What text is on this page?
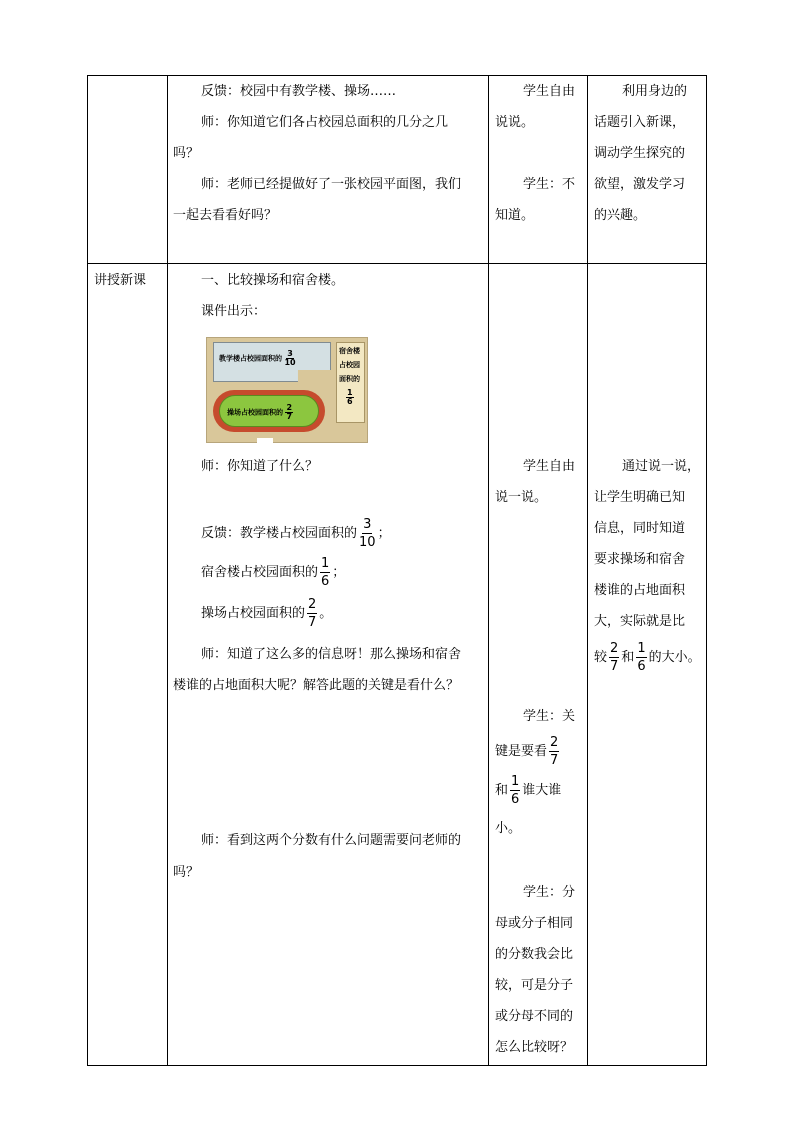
反馈：校园中有教学楼、操场……
师：你知道它们各占校园总面积的几分之几
吗？
师：老师已经提做好了一张校园平面图，我们
一起去看看好吗？
学生自由
说说。
学生：不
知道。
利用身边的
话题引入新课，
调动学生探究的
欲望，激发学习
的兴趣。
讲授新课	一、比较操场和宿舍楼。
课件出示：
教学楼占校园面积的 $\frac{3}{10}$	宿舍楼
占校园
面积的
$\frac{1}{6}$
操场占校园面积的 $\frac{2}{7}$
师：你知道了什么？
反馈：教学楼占校园面积的 $\frac{3}{10}$ ；
宿舍楼占校园面积的 $\frac{1}{6}$ ；
操场占校园面积的 $\frac{2}{7}$ 。
师：知道了这么多的信息呀！那么操场和宿舍
楼谁的占地面积大呢？解答此题的关键是看什么？
师：看到这两个分数有什么问题需要问老师的
吗？
学生自由
说一说。
学生：关
键是要看 $\frac{2}{7}$
和 $\frac{1}{6}$ 谁大谁
小。
学生：分
母或分子相同
的分数我会比
较，可是分子
或分母不同的
怎么比较呀？
通过说一说，
让学生明确已知
信息，同时知道
要求操场和宿舍
楼谁的占地面积
大，实际就是比
较 $\frac{2}{7}$ 和 $\frac{1}{6}$ 的大小。
